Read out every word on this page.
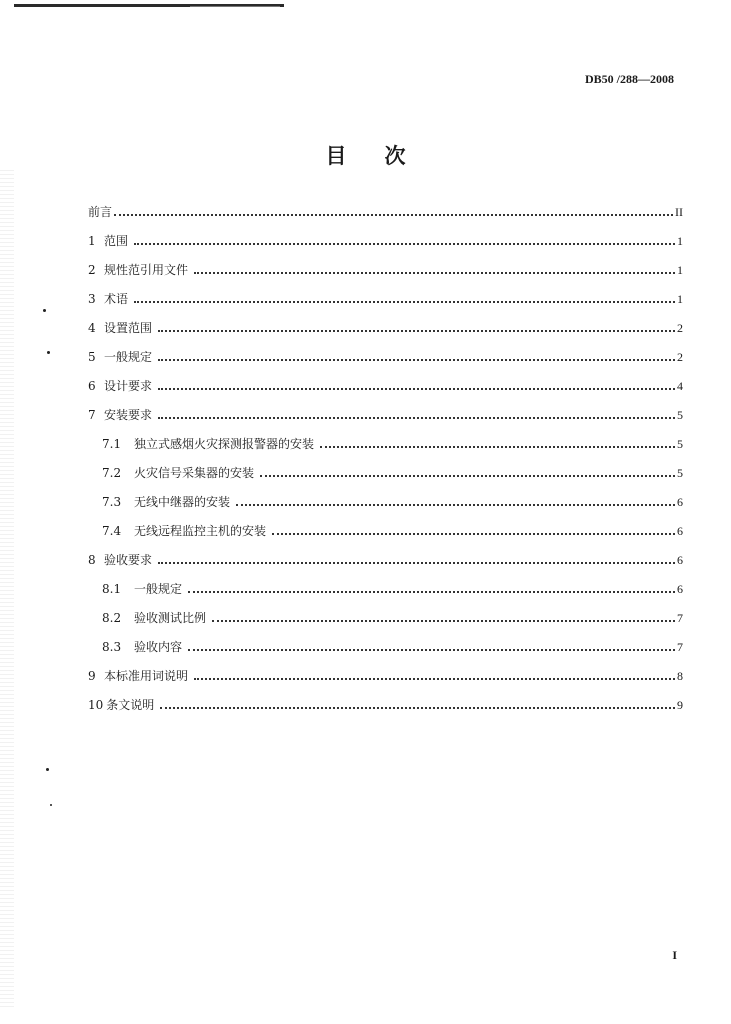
DB50 /288—2008
目 次
前言	II
1 范围	1
2 规性范引用文件	1
3 术语	1
4 设置范围	2
5 一般规定	2
6 设计要求	4
7 安装要求	5
7.1	独立式感烟火灾探测报警器的安装	5
7.2	火灾信号采集器的安装	5
7.3	无线中继器的安装	6
7.4	无线远程监控主机的安装	6
8 验收要求	6
8.1	一般规定	6
8.2	验收测试比例	7
8.3	验收内容	7
9 本标准用词说明	8
10 条文说明	9
I
